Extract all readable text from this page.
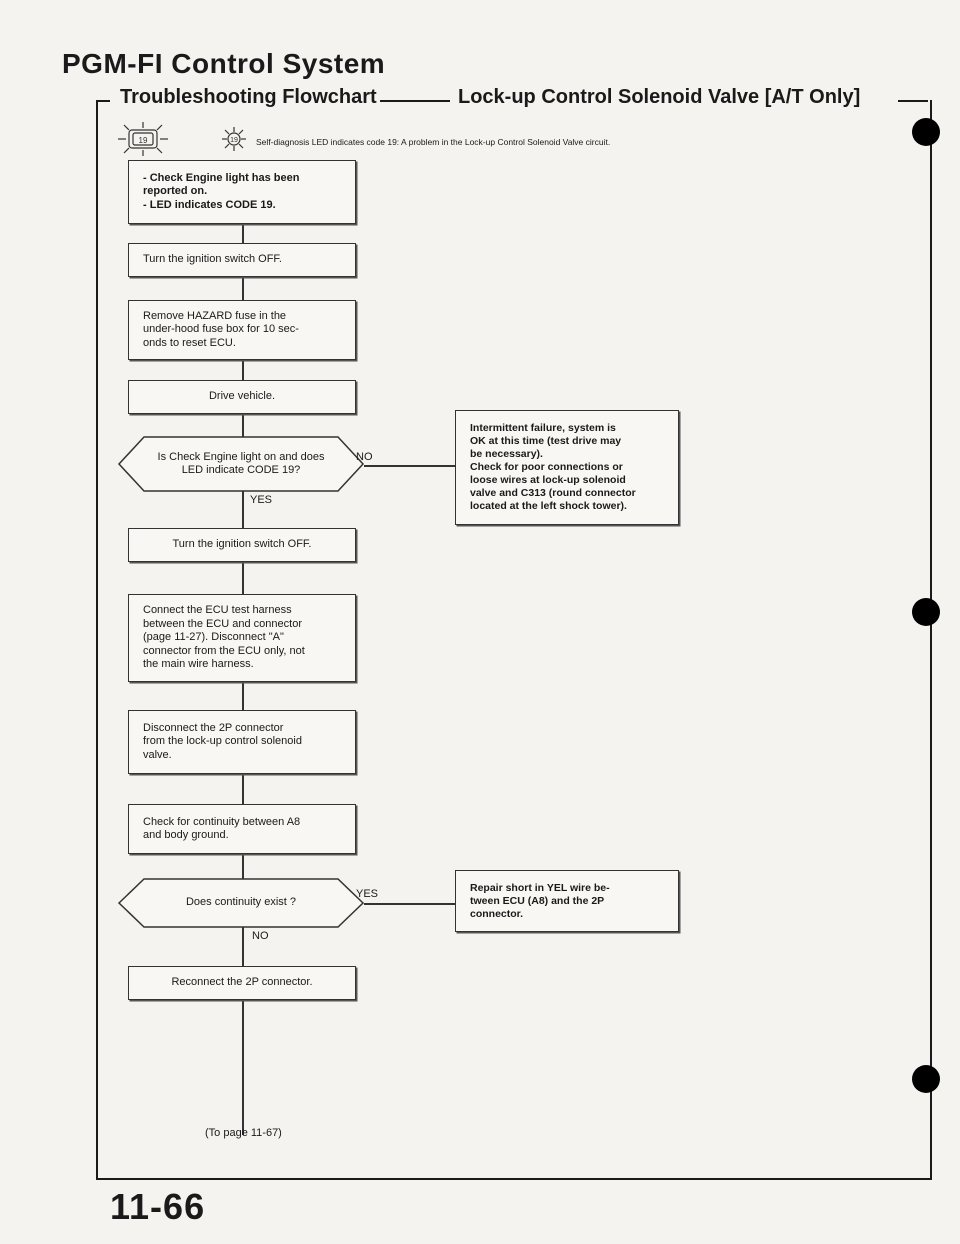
PGM-FI Control System
Troubleshooting Flowchart	Lock-up Control Solenoid Valve [A/T Only]
19	19 Self-diagnosis LED indicates code 19: A problem in the Lock-up Control Solenoid Valve circuit.
- Check Engine light has been
reported on.
- LED indicates CODE 19.
Turn the ignition switch OFF.
Remove HAZARD fuse in the
under-hood fuse box for 10 sec-
onds to reset ECU.
Drive vehicle.
Is Check Engine light on and does
LED indicate CODE 19?
NO
YES
Intermittent failure, system is
OK at this time (test drive may
be necessary).
Check for poor connections or
loose wires at lock-up solenoid
valve and C313 (round connector
located at the left shock tower).
Turn the ignition switch OFF.
Connect the ECU test harness
between the ECU and connector
(page 11-27). Disconnect "A"
connector from the ECU only, not
the main wire harness.
Disconnect the 2P connector
from the lock-up control solenoid
valve.
Check for continuity between A8
and body ground.
Does continuity exist ?
YES
NO
Repair short in YEL wire be-
tween ECU (A8) and the 2P
connector.
Reconnect the 2P connector.
(To page 11-67)
11-66
